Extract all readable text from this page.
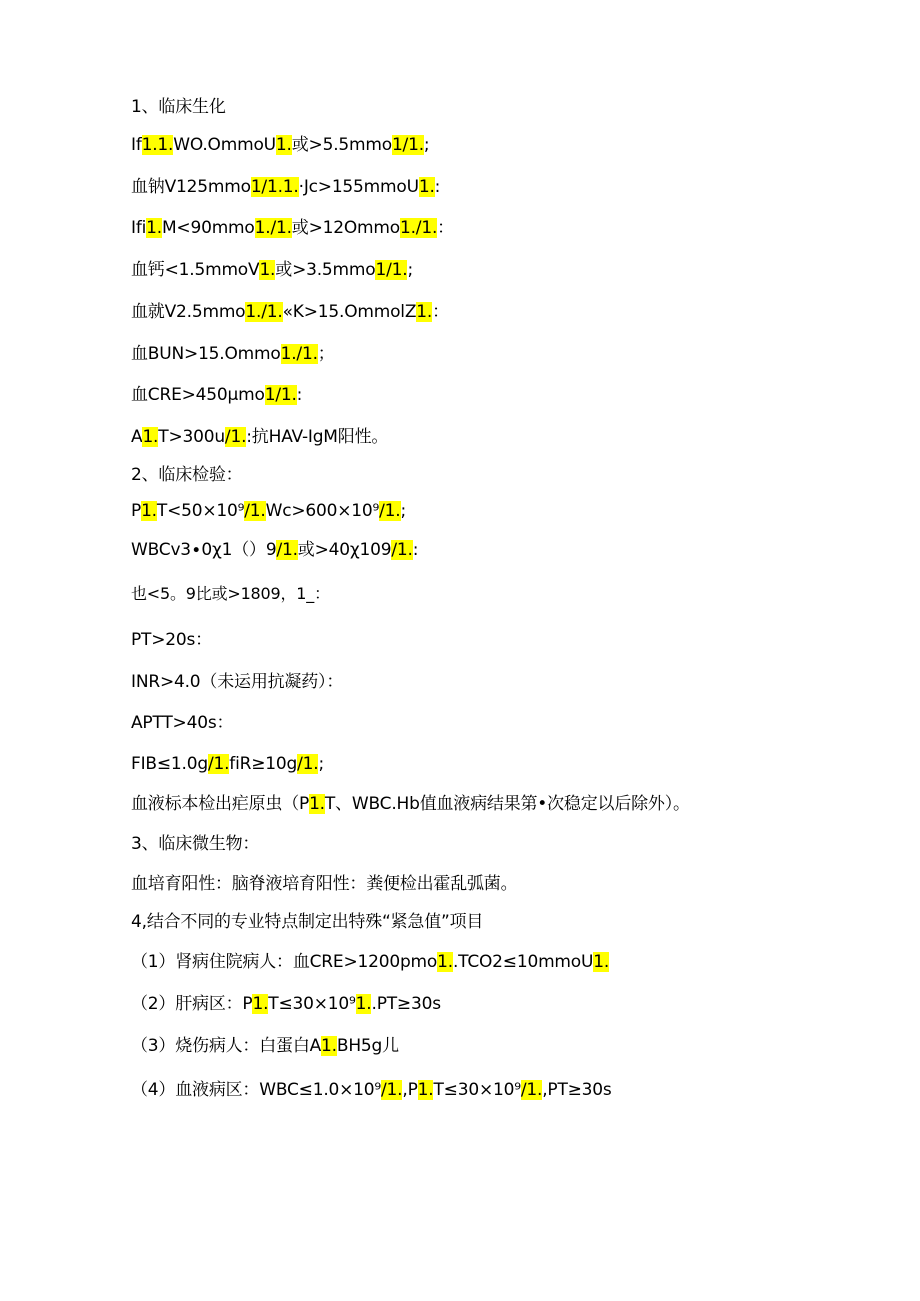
1、临床生化
If1.1.WO.OmmoU1.或>5.5mmo1∕1.;
血钠V125mmo1∕1.1.·Jc>155mmoU1.:
Ifi1.M<90mmo1./1.或>12Ommo1./1.：
血钙<1.5mmoV1.或>3.5mmo1∕1.;
血就V2.5mmo1./1.«K>15.OmmolZ1.：
血BUN>15.Ommo1./1.；
血CRE>450μmo1∕1.:
A1.T>300u∕1.:抗HAV-IgM阳性。
2、临床检验：
P1.T<50×10⁹∕1.Wc>600×10⁹∕1.;
WBCv3∙0χ1（）9∕1.或>40χ109∕1.:
也<5。9比或>1809，1_：
PT>20s：
INR>4.0（未运用抗凝药）：
APTT>40s：
FIB≤1.0g∕1.fiR≥10g∕1.;
血液标本检出疟原虫（P1.T、WBC.Hb值血液病结果第•次稳定以后除外）。
3、临床微生物：
血培育阳性：脑脊液培育阳性：粪便检出霍乱弧菌。
4,结合不同的专业特点制定出特殊“紧急值”项目
（1）肾病住院病人：血CRE>1200pmo1..TCO2≤10mmoU1.
（2）肝病区：P1.T≤30×10⁹1..PT≥30s
（3）烧伤病人：白蛋白A1.BH5g儿
（4）血液病区：WBC≤1.0×10⁹∕1.,P1.T≤30×10⁹∕1.,PT≥30s
